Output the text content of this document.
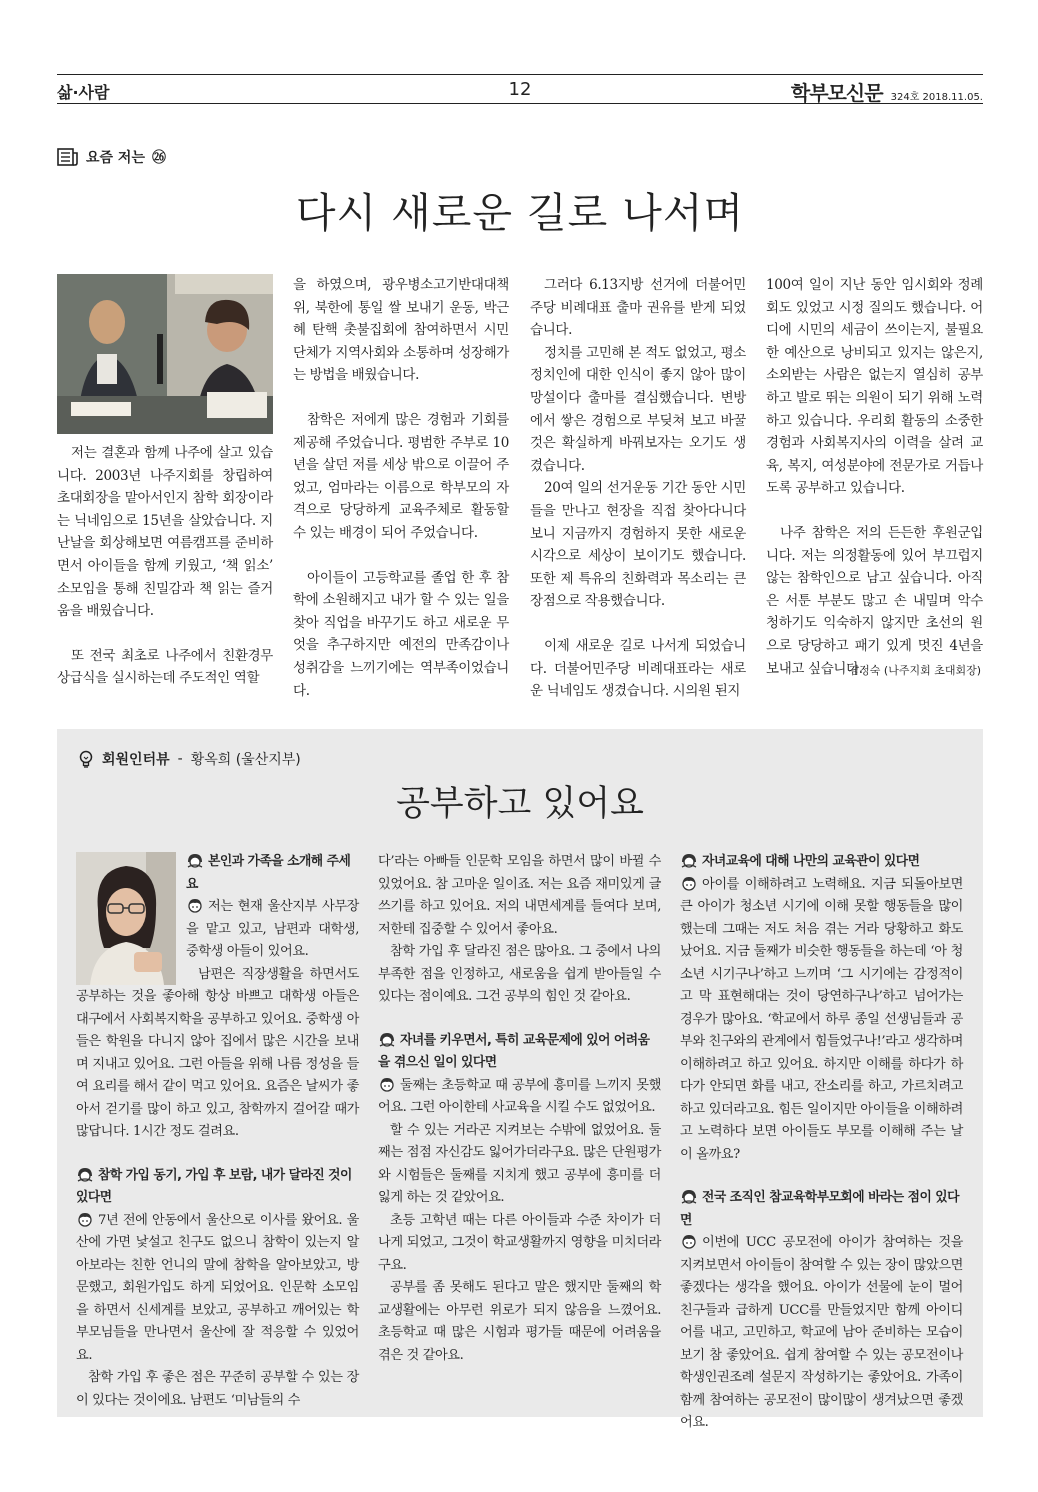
삶·사람	12	학부모신문 324호 2018.11.05.
요즘 저는 ㉖
다시 새로운 길로 나서며

저는 결혼과 함께 나주에 살고 있습니다. 2003년 나주지회를 창립하여 초대회장을 맡아서인지 참학 회장이라는 닉네임으로 15년을 살았습니다. 지난날을 회상해보면 여름캠프를 준비하면서 아이들을 함께 키웠고, ‘책 읽소’ 소모임을 통해 친밀감과 책 읽는 즐거움을 배웠습니다.

또 전국 최초로 나주에서 친환경무상급식을 실시하는데 주도적인 역할

을 하였으며, 광우병소고기반대대책위, 북한에 통일 쌀 보내기 운동, 박근혜 탄핵 촛불집회에 참여하면서 시민단체가 지역사회와 소통하며 성장해가는 방법을 배웠습니다.

참학은 저에게 많은 경험과 기회를 제공해 주었습니다. 평범한 주부로 10년을 살던 저를 세상 밖으로 이끌어 주었고, 엄마라는 이름으로 학부모의 자격으로 당당하게 교육주체로 활동할 수 있는 배경이 되어 주었습니다.

아이들이 고등학교를 졸업 한 후 참학에 소원해지고 내가 할 수 있는 일을 찾아 직업을 바꾸기도 하고 새로운 무엇을 추구하지만 예전의 만족감이나 성취감을 느끼기에는 역부족이었습니다.

그러다 6.13지방 선거에 더불어민주당 비례대표 출마 권유를 받게 되었습니다.

정치를 고민해 본 적도 없었고, 평소 정치인에 대한 인식이 좋지 않아 많이 망설이다 출마를 결심했습니다. 변방에서 쌓은 경험으로 부딪쳐 보고 바꿀 것은 확실하게 바꿔보자는 오기도 생겼습니다.

20여 일의 선거운동 기간 동안 시민들을 만나고 현장을 직접 찾아다니다 보니 지금까지 경험하지 못한 새로운 시각으로 세상이 보이기도 했습니다. 또한 제 특유의 친화력과 목소리는 큰 장점으로 작용했습니다.

이제 새로운 길로 나서게 되었습니다. 더불어민주당 비례대표라는 새로운 닉네임도 생겼습니다. 시의원 된지

100여 일이 지난 동안 임시회와 정례회도 있었고 시정 질의도 했습니다. 어디에 시민의 세금이 쓰이는지, 불필요한 예산으로 낭비되고 있지는 않은지, 소외받는 사람은 없는지 열심히 공부하고 발로 뛰는 의원이 되기 위해 노력하고 있습니다. 우리회 활동의 소중한 경험과 사회복지사의 이력을 살려 교육, 복지, 여성분야에 전문가로 거듭나도록 공부하고 있습니다.

나주 참학은 저의 든든한 후원군입니다. 저는 의정활동에 있어 부끄럽지 않는 참학인으로 남고 싶습니다. 아직은 서툰 부분도 많고 손 내밀며 악수 청하기도 익숙하지 않지만 초선의 원으로 당당하고 패기 있게 멋진 4년을 보내고 싶습니다.

김정숙 (나주지회 초대회장)
회원인터뷰 - 황옥희 (울산지부)
공부하고 있어요
본인과 가족을 소개해 주세요
저는 현재 울산지부 사무장을 맡고 있고, 남편과 대학생, 중학생 아들이 있어요.
남편은 직장생활을 하면서도 공부하는 것을 좋아해 항상 바쁘고 대학생 아들은 대구에서 사회복지학을 공부하고 있어요. 중학생 아들은 학원을 다니지 않아 집에서 많은 시간을 보내며 지내고 있어요. 그런 아들을 위해 나름 정성을 들여 요리를 해서 같이 먹고 있어요. 요즘은 날씨가 좋아서 걷기를 많이 하고 있고, 참학까지 걸어갈 때가 많답니다. 1시간 정도 걸려요.
참학 가입 동기, 가입 후 보람, 내가 달라진 것이 있다면
7년 전에 안동에서 울산으로 이사를 왔어요. 울산에 가면 낯설고 친구도 없으니 참학이 있는지 알아보라는 친한 언니의 말에 참학을 알아보았고, 방문했고, 회원가입도 하게 되었어요. 인문학 소모임을 하면서 신세계를 보았고, 공부하고 깨어있는 학부모님들을 만나면서 울산에 잘 적응할 수 있었어요.
참학 가입 후 좋은 점은 꾸준히 공부할 수 있는 장이 있다는 것이에요. 남편도 ‘미남들의 수
다’라는 아빠들 인문학 모임을 하면서 많이 바뀔 수 있었어요. 참 고마운 일이죠. 저는 요즘 재미있게 글쓰기를 하고 있어요. 저의 내면세계를 들여다 보며, 저한테 집중할 수 있어서 좋아요.
참학 가입 후 달라진 점은 많아요. 그 중에서 나의 부족한 점을 인정하고, 새로움을 쉽게 받아들일 수 있다는 점이예요. 그건 공부의 힘인 것 같아요.
자녀를 키우면서, 특히 교육문제에 있어 어려움을 겪으신 일이 있다면
둘째는 초등학교 때 공부에 흥미를 느끼지 못했어요. 그런 아이한테 사교육을 시킬 수도 없었어요.
할 수 있는 거라곤 지켜보는 수밖에 없었어요. 둘째는 점점 자신감도 잃어가더라구요. 많은 단원평가와 시험들은 둘째를 지치게 했고 공부에 흥미를 더 잃게 하는 것 같았어요.
초등 고학년 때는 다른 아이들과 수준 차이가 더 나게 되었고, 그것이 학교생활까지 영향을 미치더라구요.
공부를 좀 못해도 된다고 말은 했지만 둘째의 학교생활에는 아무런 위로가 되지 않음을 느꼈어요. 초등학교 때 많은 시험과 평가들 때문에 어려움을 겪은 것 같아요.
자녀교육에 대해 나만의 교육관이 있다면
아이를 이해하려고 노력해요. 지금 되돌아보면 큰 아이가 청소년 시기에 이해 못할 행동들을 많이 했는데 그때는 저도 처음 겪는 거라 당황하고 화도 났어요. 지금 둘째가 비슷한 행동들을 하는데 ‘아 청소년 시기구나’하고 느끼며 ‘그 시기에는 감정적이고 막 표현해대는 것이 당연하구나’하고 넘어가는 경우가 많아요. ‘학교에서 하루 종일 선생님들과 공부와 친구와의 관계에서 힘들었구나!’라고 생각하며 이해하려고 하고 있어요. 하지만 이해를 하다가 하다가 안되면 화를 내고, 잔소리를 하고, 가르치려고 하고 있더라고요. 힘든 일이지만 아이들을 이해하려고 노력하다 보면 아이들도 부모를 이해해 주는 날이 올까요?
전국 조직인 참교육학부모회에 바라는 점이 있다면
이번에 UCC 공모전에 아이가 참여하는 것을 지켜보면서 아이들이 참여할 수 있는 장이 많았으면 좋겠다는 생각을 했어요. 아이가 선물에 눈이 멀어 친구들과 급하게 UCC를 만들었지만 함께 아이디어를 내고, 고민하고, 학교에 남아 준비하는 모습이 보기 참 좋았어요. 쉽게 참여할 수 있는 공모전이나 학생인권조례 설문지 작성하기는 좋았어요. 가족이 함께 참여하는 공모전이 많이많이 생겨났으면 좋겠어요.
